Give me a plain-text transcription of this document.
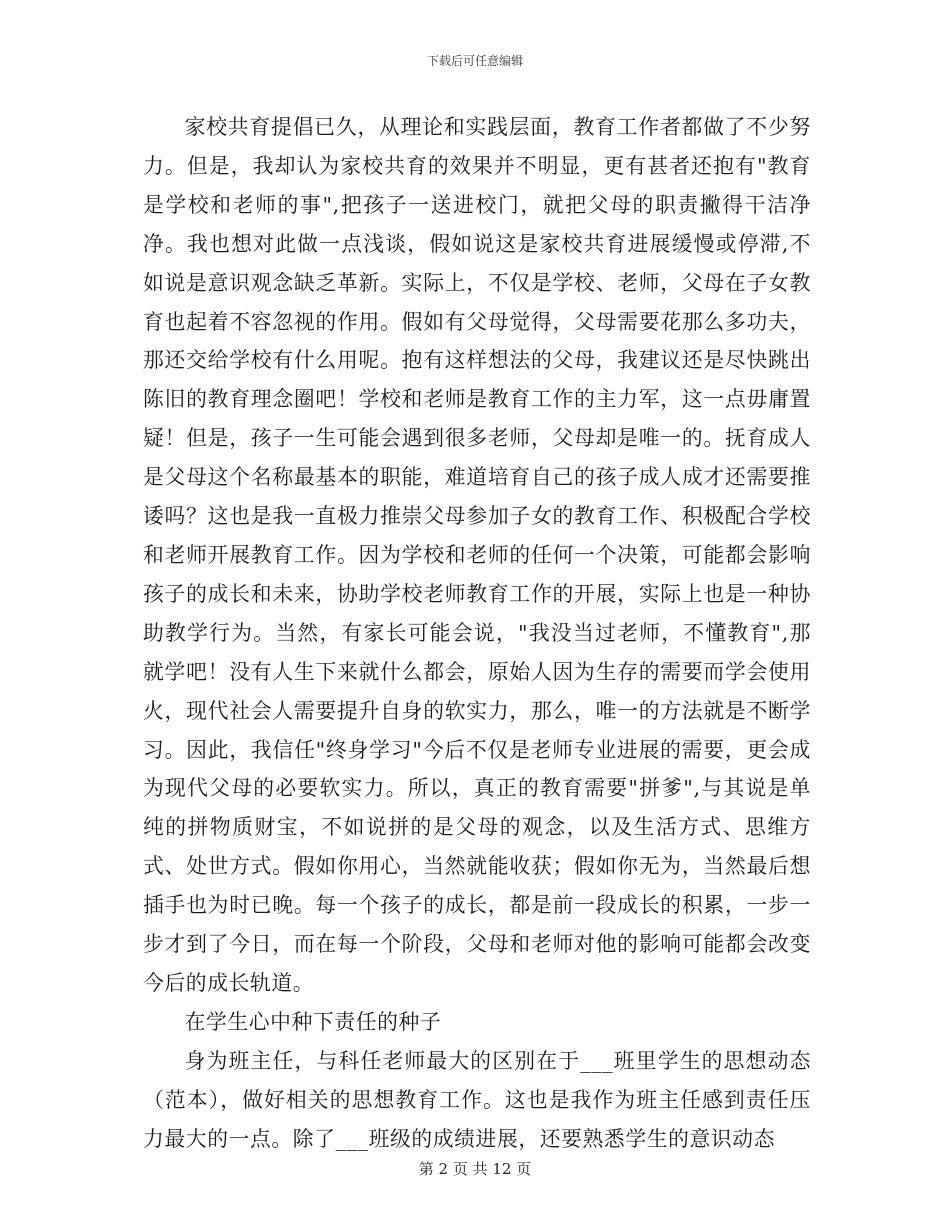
下载后可任意编辑

家校共育提倡已久，从理论和实践层面，教育工作者都做了不少努力。但是，我却认为家校共育的效果并不明显，更有甚者还抱有"教育是学校和老师的事",把孩子一送进校门，就把父母的职责撇得干洁净净。我也想对此做一点浅谈，假如说这是家校共育进展缓慢或停滞,不如说是意识观念缺乏革新。实际上，不仅是学校、老师，父母在子女教育也起着不容忽视的作用。假如有父母觉得，父母需要花那么多功夫，那还交给学校有什么用呢。抱有这样想法的父母，我建议还是尽快跳出陈旧的教育理念圈吧！学校和老师是教育工作的主力军，这一点毋庸置疑！但是，孩子一生可能会遇到很多老师，父母却是唯一的。抚育成人是父母这个名称最基本的职能，难道培育自己的孩子成人成才还需要推诿吗？这也是我一直极力推崇父母参加子女的教育工作、积极配合学校和老师开展教育工作。因为学校和老师的任何一个决策，可能都会影响孩子的成长和未来，协助学校老师教育工作的开展，实际上也是一种协助教学行为。当然，有家长可能会说，"我没当过老师，不懂教育",那就学吧！没有人生下来就什么都会，原始人因为生存的需要而学会使用火，现代社会人需要提升自身的软实力，那么，唯一的方法就是不断学习。因此，我信任"终身学习"今后不仅是老师专业进展的需要，更会成为现代父母的必要软实力。所以，真正的教育需要"拼爹",与其说是单纯的拼物质财宝，不如说拼的是父母的观念，以及生活方式、思维方式、处世方式。假如你用心，当然就能收获；假如你无为，当然最后想插手也为时已晚。每一个孩子的成长，都是前一段成长的积累，一步一步才到了今日，而在每一个阶段，父母和老师对他的影响可能都会改变今后的成长轨道。

在学生心中种下责任的种子

身为班主任，与科任老师最大的区别在于___班里学生的思想动态（范本），做好相关的思想教育工作。这也是我作为班主任感到责任压力最大的一点。除了___班级的成绩进展，还要熟悉学生的意识动态

第 2 页 共 12 页
